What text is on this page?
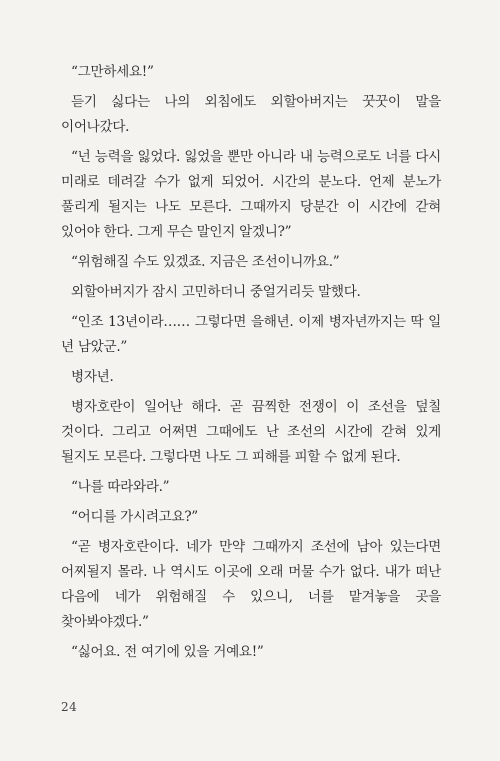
“그만하세요!”

듣기 싫다는 나의 외침에도 외할아버지는 꿋꿋이 말을 이어나갔다.

“넌 능력을 잃었다. 잃었을 뿐만 아니라 내 능력으로도 너를 다시 미래로 데려갈 수가 없게 되었어. 시간의 분노다. 언제 분노가 풀리게 될지는 나도 모른다. 그때까지 당분간 이 시간에 갇혀 있어야 한다. 그게 무슨 말인지 알겠니?”

“위험해질 수도 있겠죠. 지금은 조선이니까요.”

외할아버지가 잠시 고민하더니 중얼거리듯 말했다.

“인조 13년이라…… 그렇다면 을해년. 이제 병자년까지는 딱 일 년 남았군.”

병자년.

병자호란이 일어난 해다. 곧 끔찍한 전쟁이 이 조선을 덮칠 것이다. 그리고 어쩌면 그때에도 난 조선의 시간에 갇혀 있게 될지도 모른다. 그렇다면 나도 그 피해를 피할 수 없게 된다.

“나를 따라와라.”

“어디를 가시려고요?”

“곧 병자호란이다. 네가 만약 그때까지 조선에 남아 있는다면 어찌될지 몰라. 나 역시도 이곳에 오래 머물 수가 없다. 내가 떠난 다음에 네가 위험해질 수 있으니, 너를 맡겨놓을 곳을 찾아봐야겠다.”

“싫어요. 전 여기에 있을 거예요!”

24
